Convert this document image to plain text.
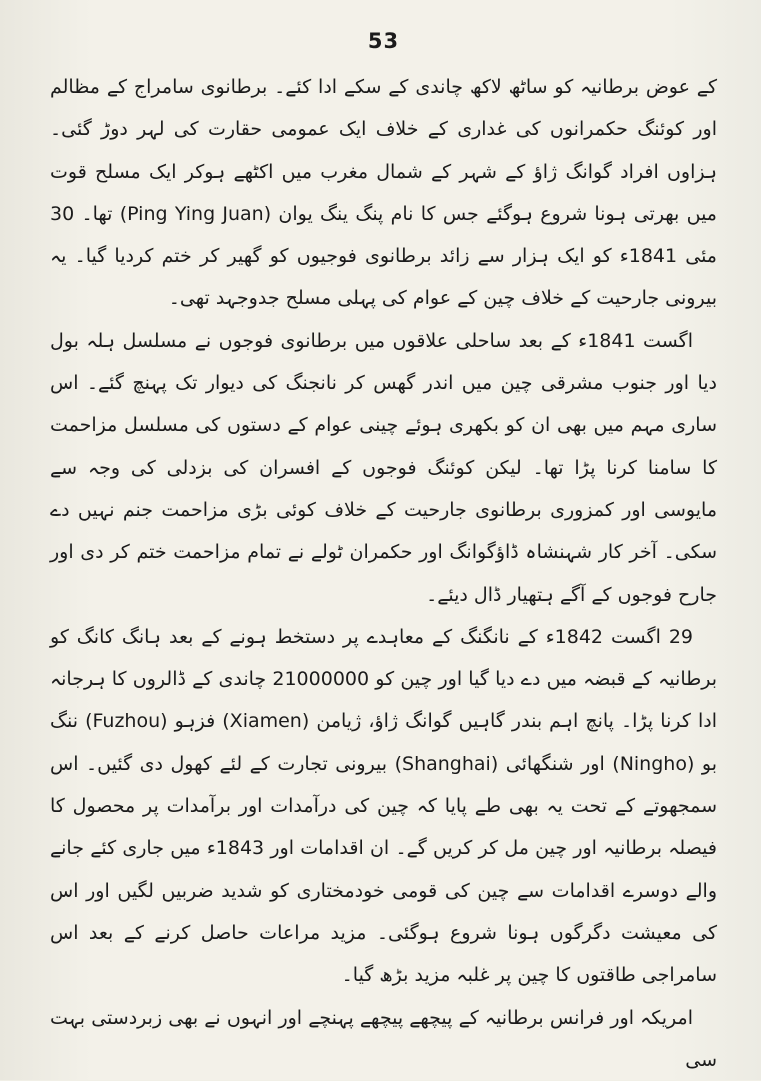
53

کے عوض برطانیہ کو ساٹھ لاکھ چاندی کے سکے ادا کئے۔ برطانوی سامراج کے مظالم اور کوئنگ حکمرانوں کی غداری کے خلاف ایک عمومی حقارت کی لہر دوڑ گئی۔ ہزاوں افراد گوانگ ژاؤ کے شہر کے شمال مغرب میں اکٹھے ہوکر ایک مسلح قوت میں بھرتی ہونا شروع ہوگئے جس کا نام پنگ ینگ یوان (Ping Ying Juan) تھا۔ 30 مئی 1841ء کو ایک ہزار سے زائد برطانوی فوجیوں کو گھیر کر ختم کردیا گیا۔ یہ بیرونی جارحیت کے خلاف چین کے عوام کی پہلی مسلح جدوجہد تھی۔

اگست 1841ء کے بعد ساحلی علاقوں میں برطانوی فوجوں نے مسلسل ہلہ بول دیا اور جنوب مشرقی چین میں اندر گھس کر نانجنگ کی دیوار تک پہنچ گئے۔ اس ساری مہم میں بھی ان کو بکھری ہوئے چینی عوام کے دستوں کی مسلسل مزاحمت کا سامنا کرنا پڑا تھا۔ لیکن کوئنگ فوجوں کے افسران کی بزدلی کی وجہ سے مایوسی اور کمزوری برطانوی جارحیت کے خلاف کوئی بڑی مزاحمت جنم نہیں دے سکی۔ آخر کار شہنشاہ ڈاؤگوانگ اور حکمران ٹولے نے تمام مزاحمت ختم کر دی اور جارح فوجوں کے آگے ہتھیار ڈال دیئے۔

29 اگست 1842ء کے نانگنگ کے معاہدے پر دستخط ہونے کے بعد ہانگ کانگ کو برطانیہ کے قبضہ میں دے دیا گیا اور چین کو 21000000 چاندی کے ڈالروں کا ہرجانہ ادا کرنا پڑا۔ پانچ اہم بندر گاہیں گوانگ ژاؤ، ژیامن (Xiamen) فزہو (Fuzhou) ننگ بو (Ningho) اور شنگھائی (Shanghai) بیرونی تجارت کے لئے کھول دی گئیں۔ اس سمجھوتے کے تحت یہ بھی طے پایا کہ چین کی درآمدات اور برآمدات پر محصول کا فیصلہ برطانیہ اور چین مل کر کریں گے۔ ان اقدامات اور 1843ء میں جاری کئے جانے والے دوسرے اقدامات سے چین کی قومی خودمختاری کو شدید ضربیں لگیں اور اس کی معیشت دگرگوں ہونا شروع ہوگئی۔ مزید مراعات حاصل کرنے کے بعد اس سامراجی طاقتوں کا چین پر غلبہ مزید بڑھ گیا۔

امریکہ اور فرانس برطانیہ کے پیچھے پیچھے پہنچے اور انہوں نے بھی زبردستی بہت سی
